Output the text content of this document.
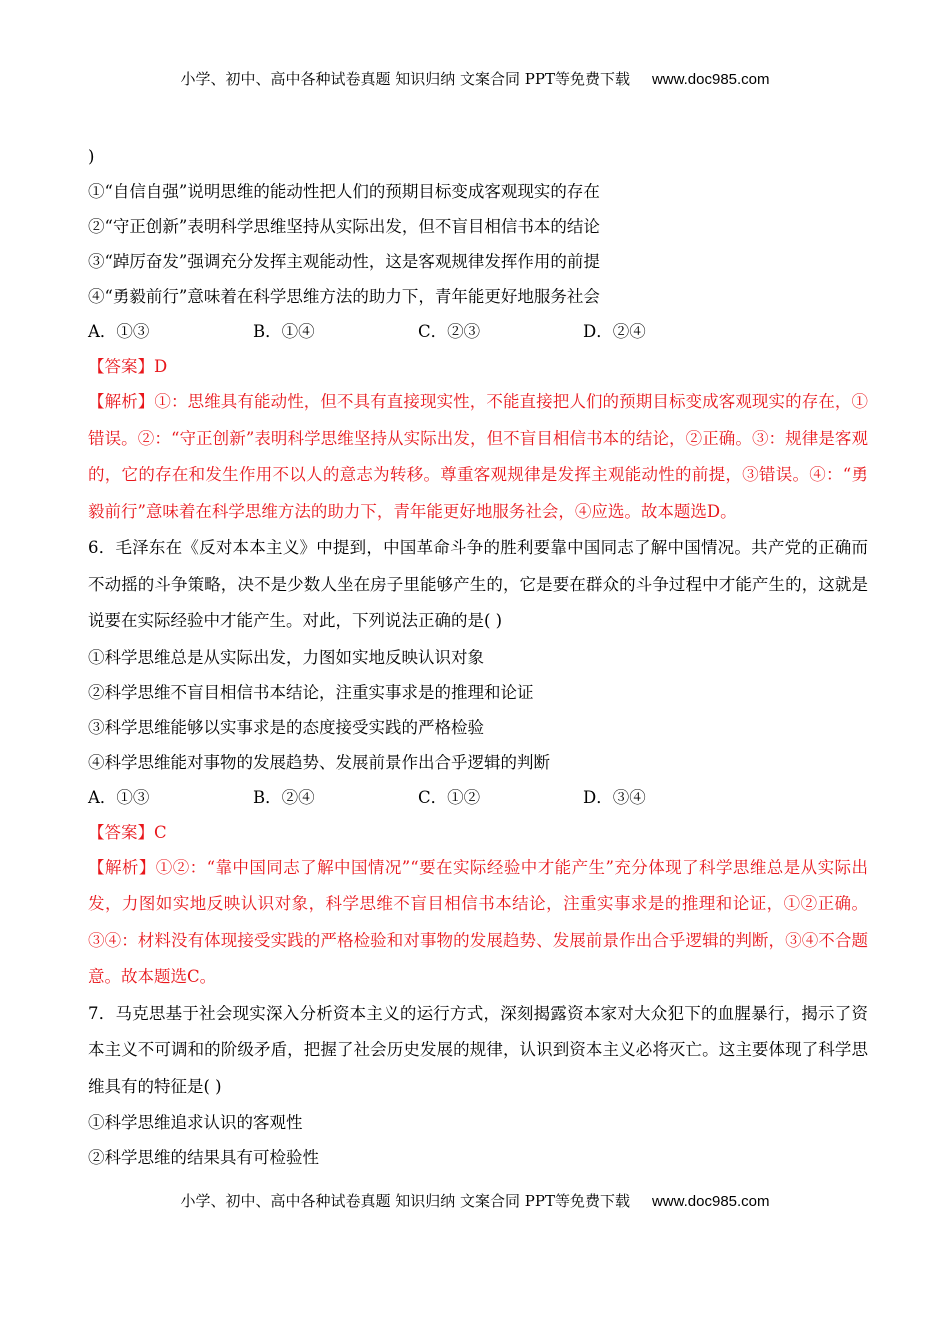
小学、初中、高中各种试卷真题 知识归纳 文案合同 PPT等免费下载 www.doc985.com
)
①“自信自强”说明思维的能动性把人们的预期目标变成客观现实的存在
②“守正创新”表明科学思维坚持从实际出发，但不盲目相信书本的结论
③“踔厉奋发”强调充分发挥主观能动性，这是客观规律发挥作用的前提
④“勇毅前行”意味着在科学思维方法的助力下，青年能更好地服务社会
A．①③	B．①④	C．②③	D．②④
【答案】D
【解析】①：思维具有能动性，但不具有直接现实性，不能直接把人们的预期目标变成客观现实的存在，①错误。②：“守正创新”表明科学思维坚持从实际出发，但不盲目相信书本的结论，②正确。③：规律是客观的，它的存在和发生作用不以人的意志为转移。尊重客观规律是发挥主观能动性的前提，③错误。④：“勇毅前行”意味着在科学思维方法的助力下，青年能更好地服务社会，④应选。故本题选D。
6．毛泽东在《反对本本主义》中提到，中国革命斗争的胜利要靠中国同志了解中国情况。共产党的正确而不动摇的斗争策略，决不是少数人坐在房子里能够产生的，它是要在群众的斗争过程中才能产生的，这就是说要在实际经验中才能产生。对此，下列说法正确的是( )
①科学思维总是从实际出发，力图如实地反映认识对象
②科学思维不盲目相信书本结论，注重实事求是的推理和论证
③科学思维能够以实事求是的态度接受实践的严格检验
④科学思维能对事物的发展趋势、发展前景作出合乎逻辑的判断
A．①③	B．②④	C．①②	D．③④
【答案】C
【解析】①②：“靠中国同志了解中国情况”“要在实际经验中才能产生”充分体现了科学思维总是从实际出发，力图如实地反映认识对象，科学思维不盲目相信书本结论，注重实事求是的推理和论证，①②正确。③④：材料没有体现接受实践的严格检验和对事物的发展趋势、发展前景作出合乎逻辑的判断，③④不合题意。故本题选C。
7．马克思基于社会现实深入分析资本主义的运行方式，深刻揭露资本家对大众犯下的血腥暴行，揭示了资本主义不可调和的阶级矛盾，把握了社会历史发展的规律，认识到资本主义必将灭亡。这主要体现了科学思维具有的特征是( )
①科学思维追求认识的客观性
②科学思维的结果具有可检验性
小学、初中、高中各种试卷真题 知识归纳 文案合同 PPT等免费下载 www.doc985.com
